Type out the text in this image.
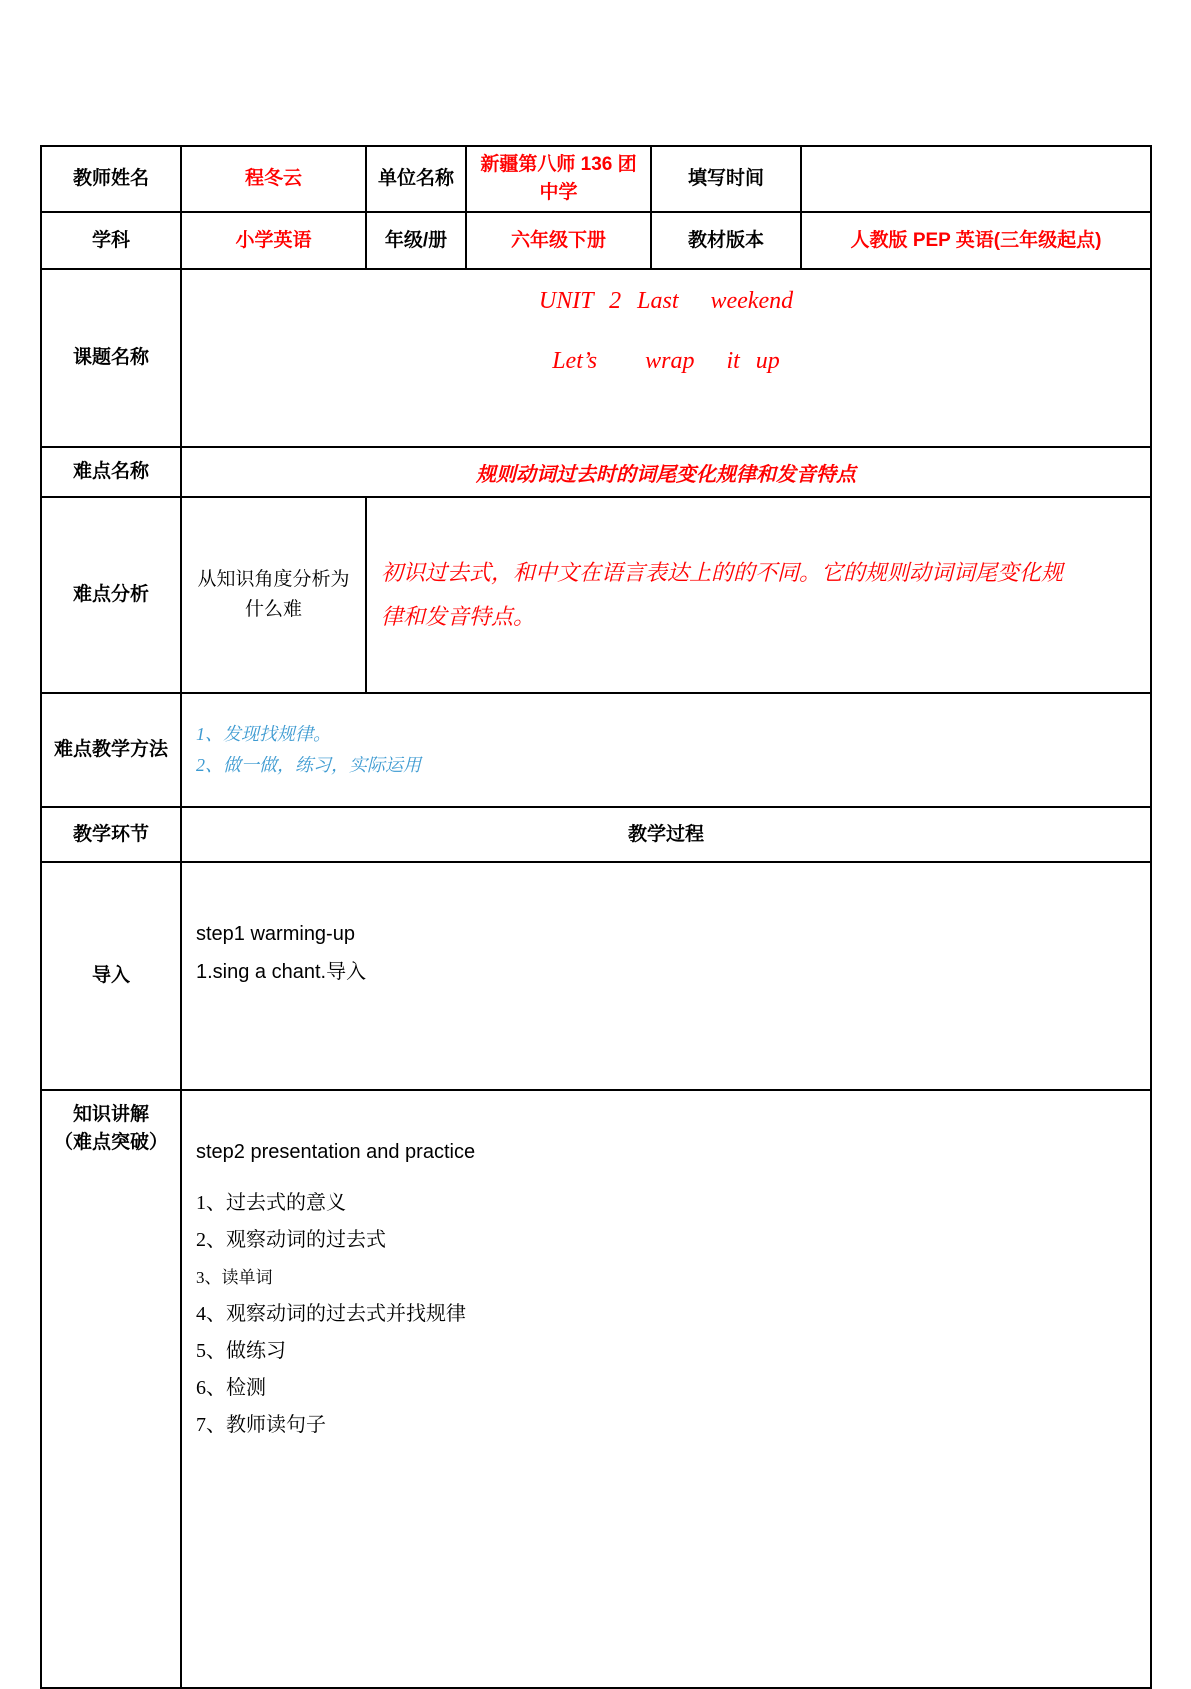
教师姓名	程冬云	单位名称	新疆第八师 136 团中学	填写时间	
学科	小学英语	年级/册	六年级下册	教材版本	人教版 PEP 英语(三年级起点)
课题名称	UNIT 2 Last  weekend
Let’s   wrap  it up				

难点名称	规则动词过去时的词尾变化规律和发音特点				
难点分析	从知识角度分析为什么难	初识过去式，和中文在语言表达上的的不同。它的规则动词词尾变化规律和发音特点。			
难点教学方法	1、发现找规律。
2、做一做，练习，实际运用				

教学环节	教学过程				
导入	step1 warming-up
1.sing a chant.导入				

知识讲解
（难点突破）	step2 presentation and practice
1、过去式的意义
2、观察动词的过去式
3、读单词
4、观察动词的过去式并找规律
5、做练习
6、检测
7、教师读句子
